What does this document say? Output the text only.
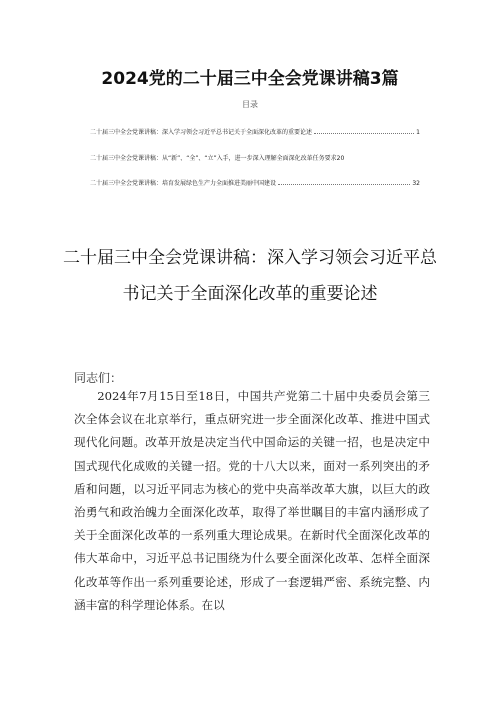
2024党的二十届三中全会党课讲稿3篇
目录
二十届三中全会党课讲稿：深入学习领会习近平总书记关于全面深化改革的重要论述	1
二十届三中全会党课讲稿：从“新”、“全”、“立”入手，进一步深入理解全面深化改革任务要求 20
二十届三中全会党课讲稿：培育发展绿色生产力全面推进美丽中国建设	32
二十届三中全会党课讲稿：深入学习领会习近平总书记关于全面深化改革的重要论述
同志们：

2024年7月15日至18日，中国共产党第二十届中央委员会第三次全体会议在北京举行，重点研究进一步全面深化改革、推进中国式现代化问题。改革开放是决定当代中国命运的关键一招，也是决定中国式现代化成败的关键一招。党的十八大以来，面对一系列突出的矛盾和问题，以习近平同志为核心的党中央高举改革大旗，以巨大的政治勇气和政治魄力全面深化改革，取得了举世瞩目的丰富内涵形成了关于全面深化改革的一系列重大理论成果。在新时代全面深化改革的伟大革命中，习近平总书记围绕为什么要全面深化改革、怎样全面深化改革等作出一系列重要论述，形成了一套逻辑严密、系统完整、内涵丰富的科学理论体系。在以
